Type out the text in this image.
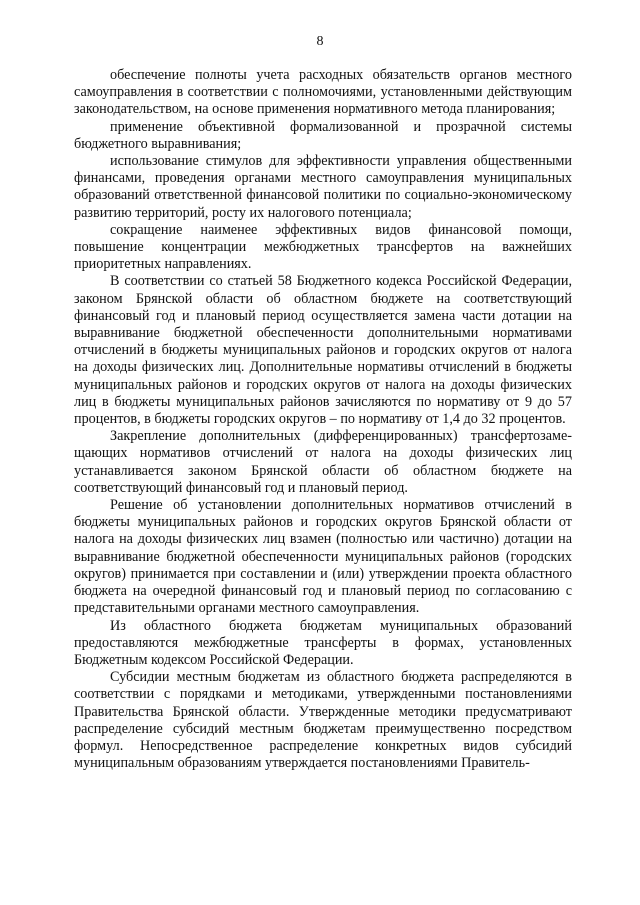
8

обеспечение полноты учета расходных обязательств органов местного самоуправления в соответствии с полномочиями, установленными действующим законодательством, на основе применения нормативного метода планирования;

применение объективной формализованной и прозрачной системы бюджетного выравнивания;

использование стимулов для эффективности управления общественными финансами, проведения органами местного самоуправления муниципальных образований ответственной финансовой политики по социально-экономическому развитию территорий, росту их налогового потенциала;

сокращение наименее эффективных видов финансовой помощи, повышение концентрации межбюджетных трансфертов на важнейших приоритетных направлениях.

В соответствии со статьей 58 Бюджетного кодекса Российской Федерации, законом Брянской области об областном бюджете на соответствующий финансовый год и плановый период осуществляется замена части дотации на выравнивание бюджетной обеспеченности дополнительными нормативами отчислений в бюджеты муниципальных районов и городских округов от налога на доходы физических лиц. Дополнительные нормативы отчислений в бюджеты муниципальных районов и городских округов от налога на доходы физических лиц в бюджеты муниципальных районов зачисляются по нормативу от 9 до 57 процентов, в бюджеты городских округов – по нормативу от 1,4 до 32 процентов.

Закрепление дополнительных (дифференцированных) трансфертозамещающих нормативов отчислений от налога на доходы физических лиц устанавливается законом Брянской области об областном бюджете на соответствующий финансовый год и плановый период.

Решение об установлении дополнительных нормативов отчислений в бюджеты муниципальных районов и городских округов Брянской области от налога на доходы физических лиц взамен (полностью или частично) дотации на выравнивание бюджетной обеспеченности муниципальных районов (городских округов) принимается при составлении и (или) утверждении проекта областного бюджета на очередной финансовый год и плановый период по согласованию с представительными органами местного самоуправления.

Из областного бюджета бюджетам муниципальных образований предоставляются межбюджетные трансферты в формах, установленных Бюджетным кодексом Российской Федерации.

Субсидии местным бюджетам из областного бюджета распределяются в соответствии с порядками и методиками, утвержденными постановлениями Правительства Брянской области. Утвержденные методики предусматривают распределение субсидий местным бюджетам преимущественно посредством формул. Непосредственное распределение конкретных видов субсидий муниципальным образованиям утверждается постановлениями Правитель-
